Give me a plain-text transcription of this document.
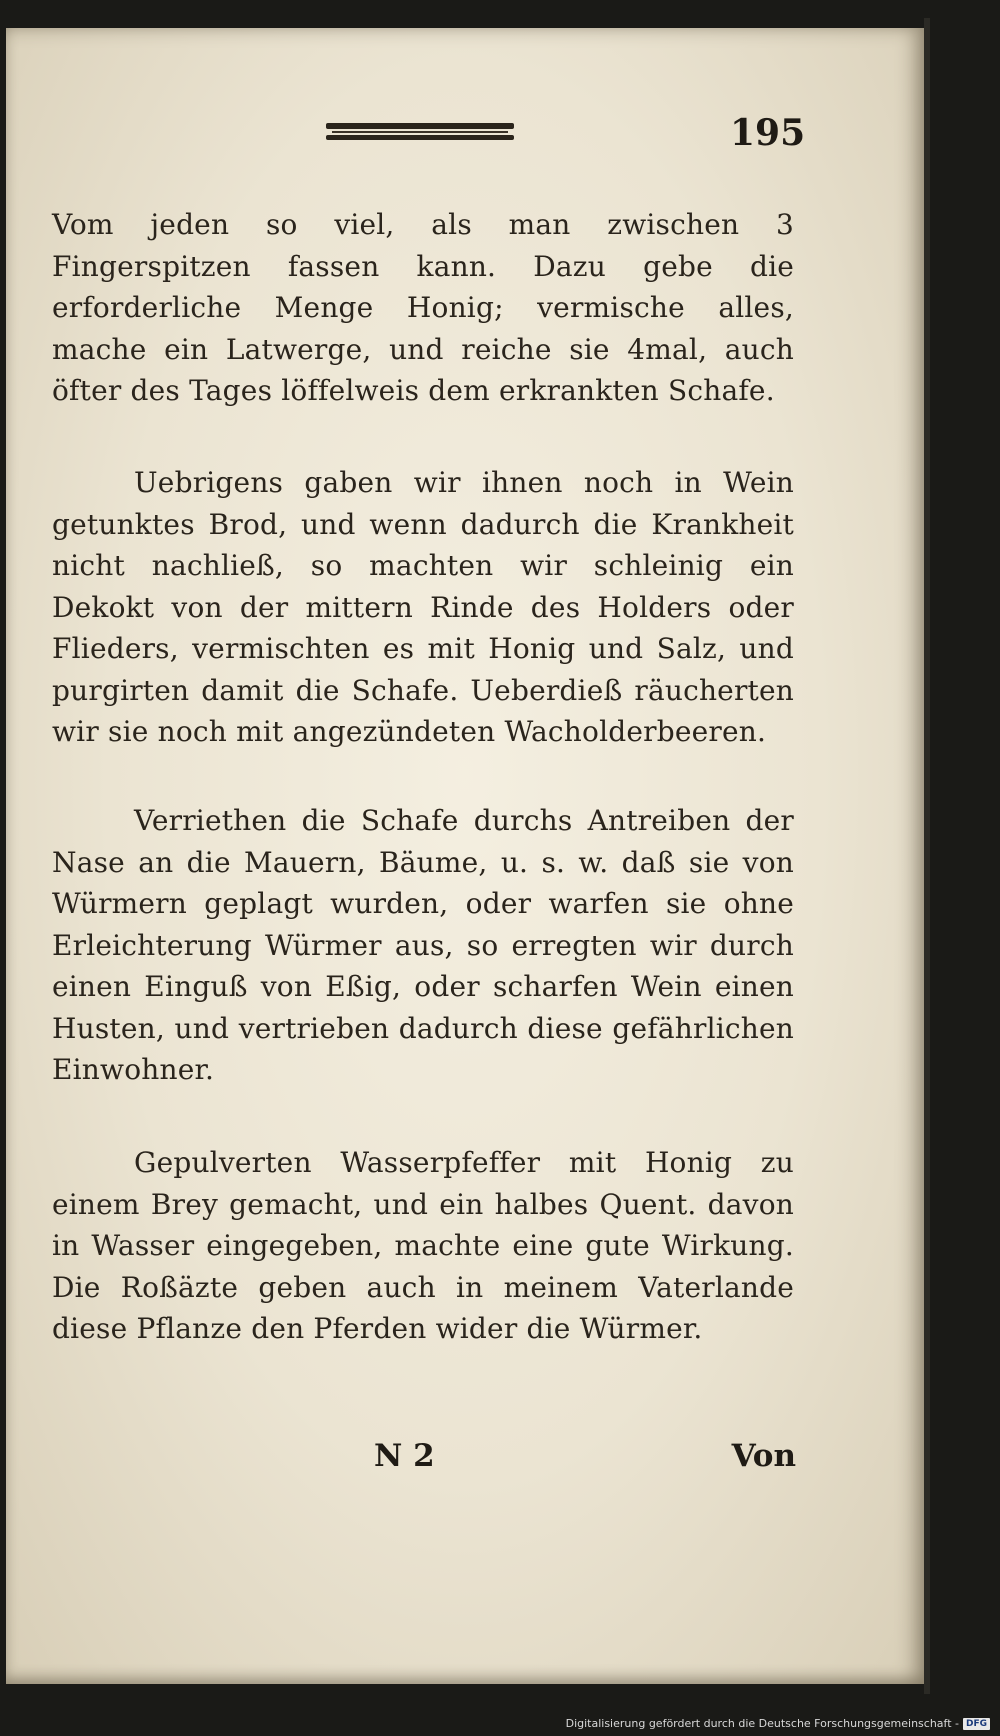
195
Vom jeden so viel, als man zwischen 3 Fingerspitzen fassen kann. Dazu gebe die erforderliche Menge Honig; vermische alles, mache ein Latwerge, und reiche sie 4mal, auch öfter des Tages löffelweis dem erkrankten Schafe.
Uebrigens gaben wir ihnen noch in Wein getunktes Brod, und wenn dadurch die Krankheit nicht nachließ, so machten wir schleinig ein Dekokt von der mittern Rinde des Holders oder Flieders, vermischten es mit Honig und Salz, und purgirten damit die Schafe. Ueberdieß räucherten wir sie noch mit angezündeten Wacholderbeeren.
Verriethen die Schafe durchs Antreiben der Nase an die Mauern, Bäume, u. s. w. daß sie von Würmern geplagt wurden, oder warfen sie ohne Erleichterung Würmer aus, so erregten wir durch einen Einguß von Eßig, oder scharfen Wein einen Husten, und vertrieben dadurch diese gefährlichen Einwohner.
Gepulverten Wasserpfeffer mit Honig zu einem Brey gemacht, und ein halbes Quent. davon in Wasser eingegeben, machte eine gute Wirkung. Die Roßäzte geben auch in meinem Vaterlande diese Pflanze den Pferden wider die Würmer.
N 2	Von
Digitalisierung gefördert durch die Deutsche Forschungsgemeinschaft - DFG
